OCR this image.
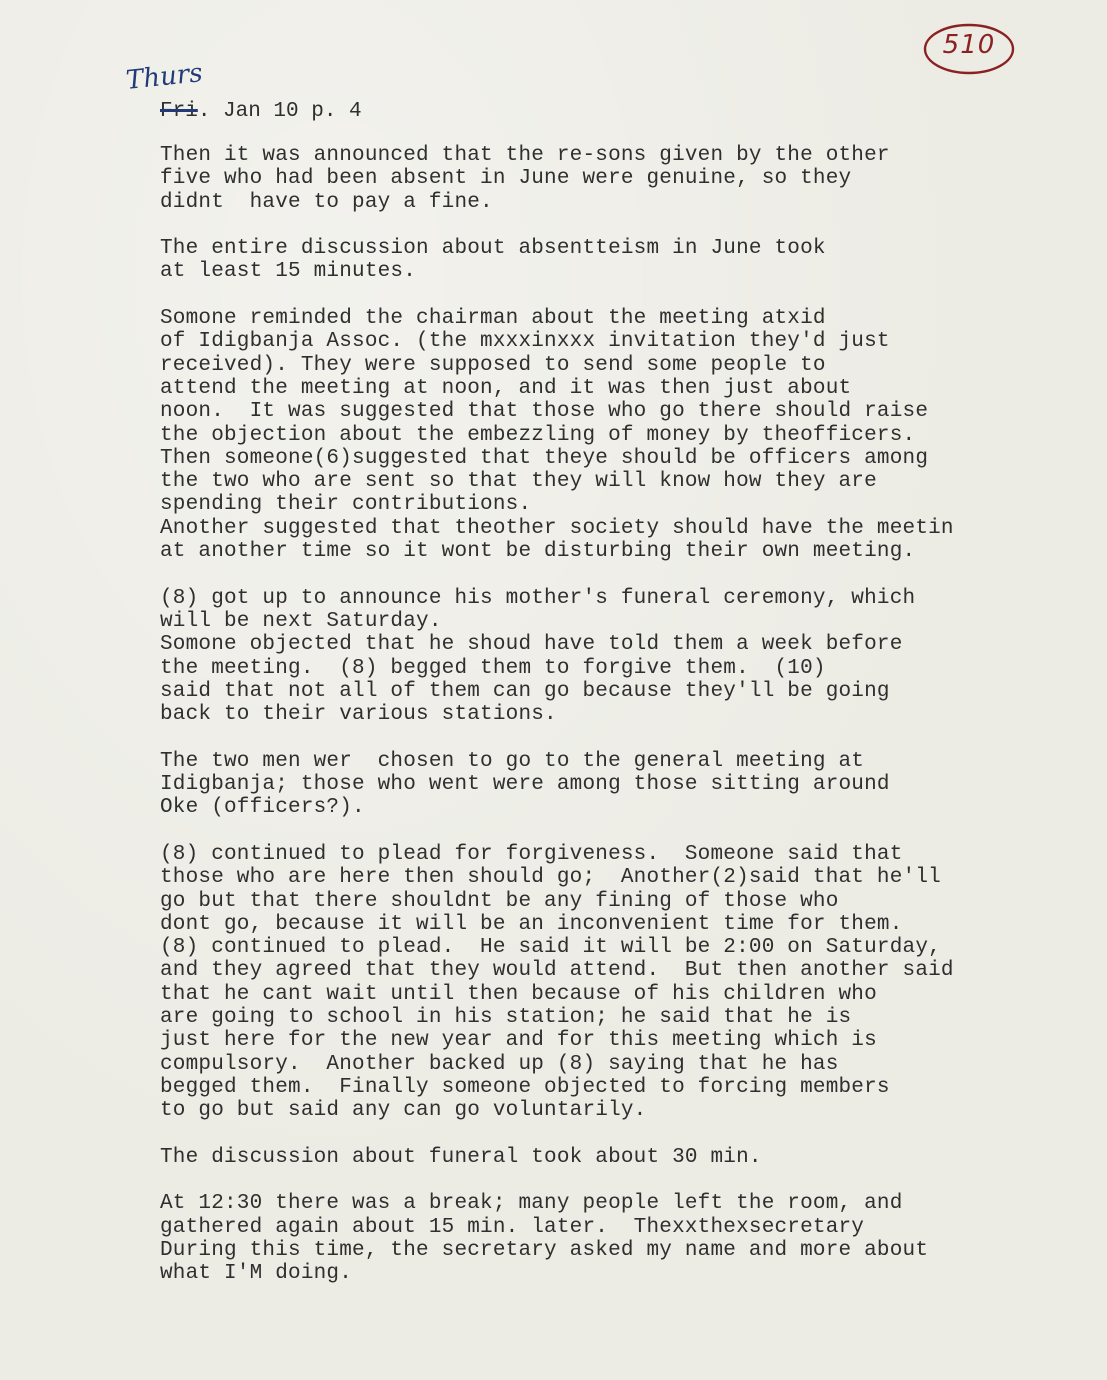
510
Thurs
Fri. Jan 10 p. 4
Then it was announced that the re-sons given by the other
five who had been absent in June were genuine, so they
didnt  have to pay a fine.
The entire discussion about absentteism in June took
at least 15 minutes.
Somone reminded the chairman about the meeting atxid
of Idigbanja Assoc. (the mxxxinxxx invitation they'd just
received). They were supposed to send some people to
attend the meeting at noon, and it was then just about
noon.  It was suggested that those who go there should raise
the objection about the embezzling of money by theofficers.
Then someone(6)suggested that theye should be officers among
the two who are sent so that they will know how they are
spending their contributions.
Another suggested that theother society should have the meetin
at another time so it wont be disturbing their own meeting.
(8) got up to announce his mother's funeral ceremony, which
will be next Saturday.
Somone objected that he shoud have told them a week before
the meeting.  (8) begged them to forgive them.  (10)
said that not all of them can go because they'll be going
back to their various stations.
The two men wer  chosen to go to the general meeting at
Idigbanja; those who went were among those sitting around
Oke (officers?).
(8) continued to plead for forgiveness.  Someone said that
those who are here then should go;  Another(2)said that he'll
go but that there shouldnt be any fining of those who
dont go, because it will be an inconvenient time for them.
(8) continued to plead.  He said it will be 2:00 on Saturday,
and they agreed that they would attend.  But then another said
that he cant wait until then because of his children who
are going to school in his station; he said that he is
just here for the new year and for this meeting which is
compulsory.  Another backed up (8) saying that he has
begged them.  Finally someone objected to forcing members
to go but said any can go voluntarily.
The discussion about funeral took about 30 min.
At 12:30 there was a break; many people left the room, and
gathered again about 15 min. later.  Thexxthexsecretary
During this time, the secretary asked my name and more about
what I'M doing.
